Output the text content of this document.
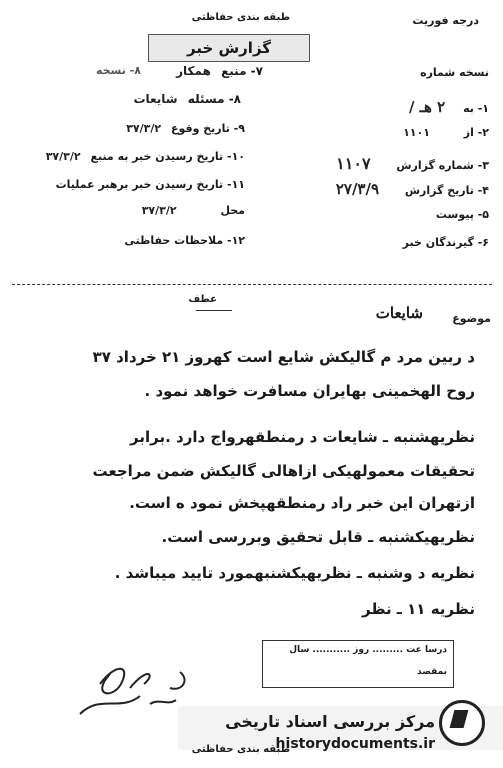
طبقه بندی حفاظتی	درجه فوریت
گزارش خبر
نسخه شماره
۱- به ۲ هـ /
۲- از ۱۱۰۱
۳- شماره گزارش ۱۱۰۷
۴- تاریخ گزارش ۲۷/۳/۹
۵- پیوست
۶- گیرندگان خبر
۷- منبع همکار
۸- نسخه
۸- مسئله شایعات
۹- تاریخ وقوع ۳۷/۳/۲
۱۰- تاریخ رسیدن خبر به منبع ۳۷/۳/۲
۱۱- تاریخ رسیدن خبر برهبر عملیات
محل ۳۷/۳/۲
۱۲- ملاحظات حفاظتی
موضوع
شایعات
عطف
د ربین مرد م گالیکش شایع است کهروز ۲۱ خرداد ۳۷
روح الهخمینی بهایران مسافرت خواهد نمود .
نظریهشنبه ـ شایعات د رمنطقهرواج دارد .برابر
تحقیقات معمولهیکی ازاهالی گالیکش ضمن مراجعت
ازتهران این خبر راد رمنطقهپخش نمود ه است.
نظریهیکشنبه ـ قابل تحقیق وبررسی است.
نظریه د وشنبه ـ نظریهیکشنبهمورد تایید میباشد .
نظریه ۱۱ ـ نظر
درسا عت ......... روز ........... سال
بمقصد
مرکز بررسی اسناد تاریخی
historydocuments.ir
طبقه بندی حفاظتی
